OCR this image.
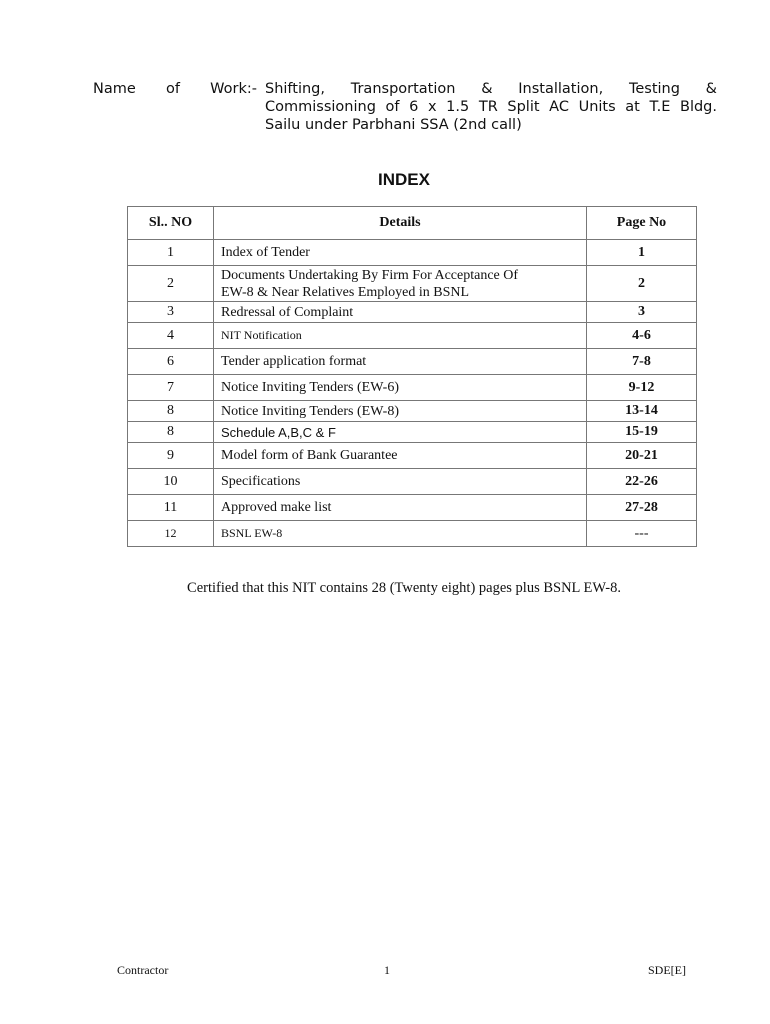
Name of Work:- Shifting, Transportation & Installation, Testing &
Commissioning of 6 x 1.5 TR Split AC Units at T.E Bldg.
Sailu under Parbhani SSA (2nd call)
INDEX
Sl.. NO	Details	Page No
1	Index of Tender	1
2	Documents Undertaking By Firm For Acceptance Of
EW-8 & Near Relatives Employed in BSNL	2
3	Redressal of Complaint	3
4	NIT Notification	4-6
6	Tender application format	7-8
7	Notice Inviting Tenders (EW-6)	9-12
8	Notice Inviting Tenders (EW-8)	13-14
8	Schedule A,B,C & F	15-19
9	Model form of Bank Guarantee	20-21
10	Specifications	22-26
11	Approved make list	27-28
12	BSNL EW-8	---
Certified that this NIT contains 28 (Twenty eight) pages plus BSNL EW-8.
Contractor	1	SDE[E]
